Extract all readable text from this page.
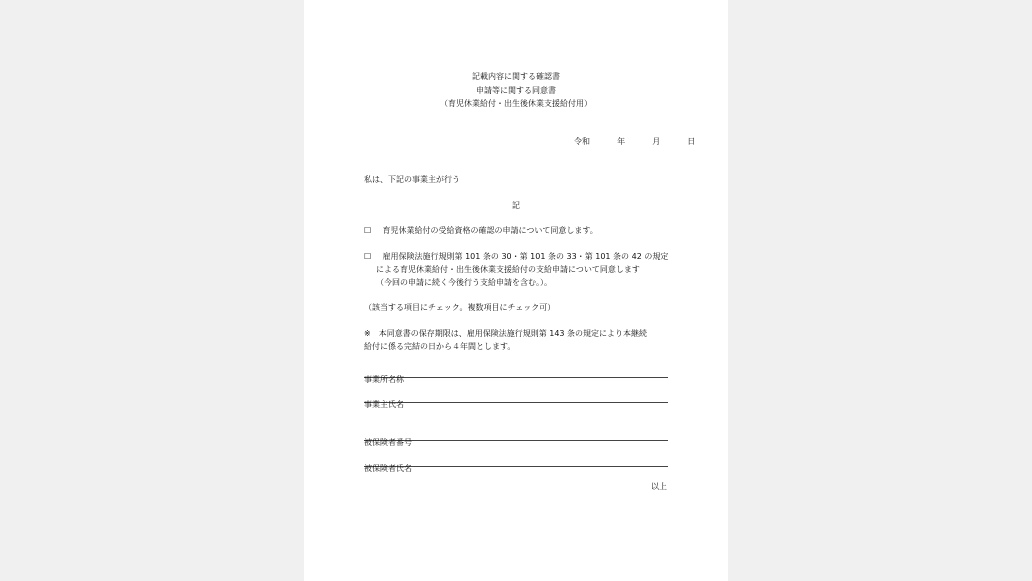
記載内容に関する確認書
申請等に関する同意書
（育児休業給付・出生後休業支援給付用）
令和	年	月	日
私は、下記の事業主が行う
記
☐ 育児休業給付の受給資格の確認の申請について同意します。
☐ 雇用保険法施行規則第 101 条の 30・第 101 条の 33・第 101 条の 42 の規定
による育児休業給付・出生後休業支援給付の支給申請について同意します
（今回の申請に続く今後行う支給申請を含む。）。
（該当する項目にチェック。複数項目にチェック可）
※　本同意書の保存期限は、雇用保険法施行規則第 143 条の規定により本継続
給付に係る完結の日から４年間とします。
事業所名称
事業主氏名
被保険者番号
被保険者氏名
以上
